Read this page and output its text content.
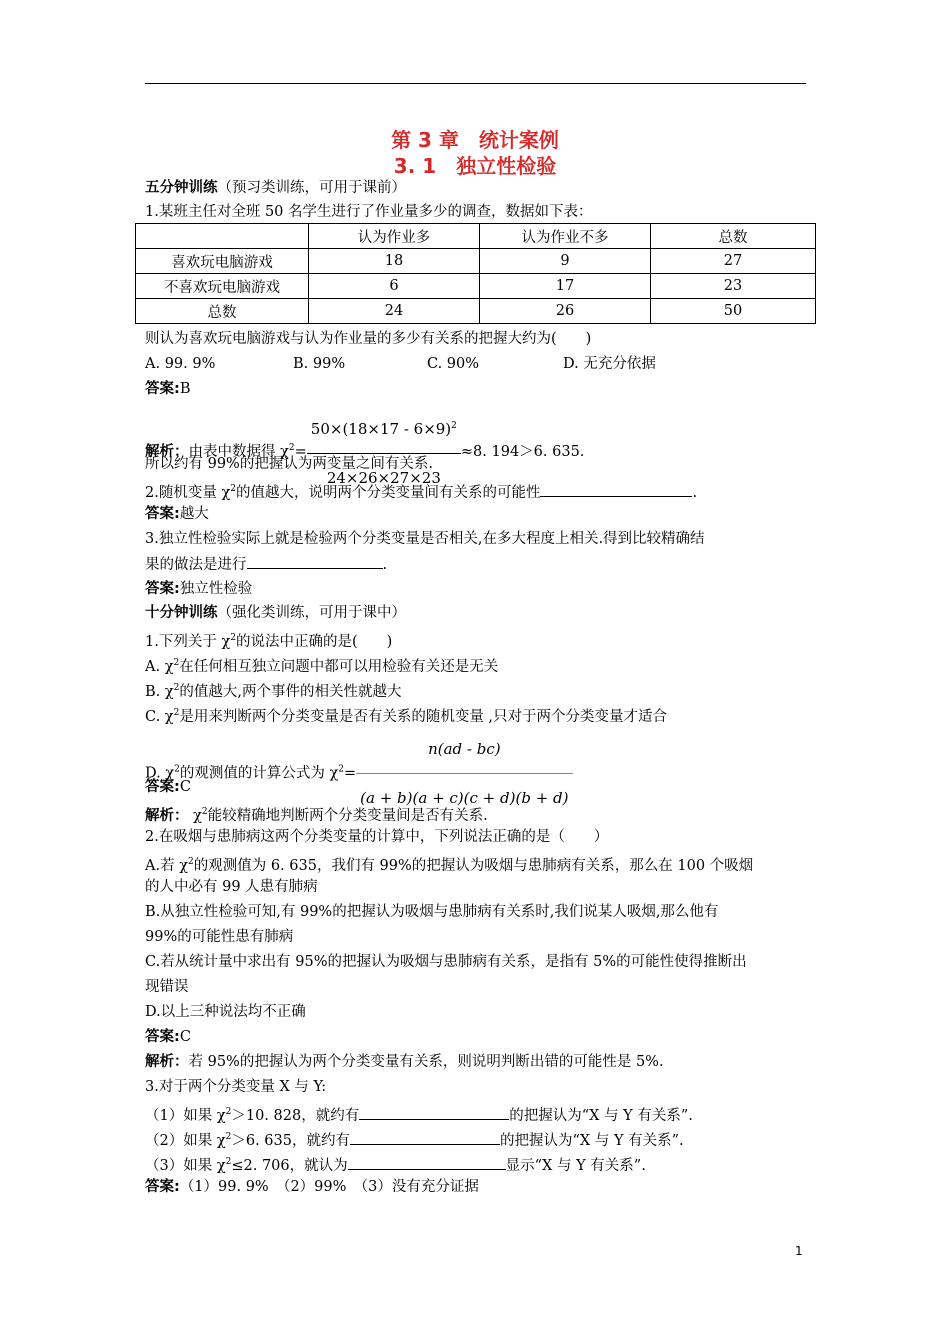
第 3 章　统计案例
3. 1　独立性检验
五分钟训练（预习类训练，可用于课前）
1.某班主任对全班 50 名学生进行了作业量多少的调查，数据如下表：
	认为作业多	认为作业不多	总数
喜欢玩电脑游戏	18	9	27
不喜欢玩电脑游戏	6	17	23
总数	24	26	50
则认为喜欢玩电脑游戏与认为作业量的多少有关系的把握大约为(　　)
A. 99. 9%	B. 99%	C. 90%	D. 无充分依据
答案:B
解析：由表中数据得 $\chi^2= \frac{50\times(18\times 17 - 6\times 9)^2}{24\times 26\times 27\times 23} \approx 8$. 194＞6. 635.
所以约有 99%的把握认为两变量之间有关系.
2.随机变量 $\chi^2$的值越大，说明两个分类变量间有关系的可能性	.
答案:越大
3.独立性检验实际上就是检验两个分类变量是否相关,在多大程度上相关.得到比较精确结
果的做法是进行	.
答案:独立性检验
十分钟训练（强化类训练，可用于课中）
1.下列关于 $\chi^2$的说法中正确的是(　　)
A. $\chi^2$在任何相互独立问题中都可以用检验有关还是无关
B. $\chi^2$的值越大,两个事件的相关性就越大
C. $\chi^2$是用来判断两个分类变量是否有关系的随机变量 ,只对于两个分类变量才适合
D. $\chi^2$的观测值的计算公式为 $\chi^2= \frac{n(ad - bc)}{(a + b)(a + c)(c + d)(b + d)}$
答案:C
解析： $\chi^2$能较精确地判断两个分类变量间是否有关系.
2.在吸烟与患肺病这两个分类变量的计算中，下列说法正确的是（　　）
A.若 $\chi^2$的观测值为 6. 635，我们有 99%的把握认为吸烟与患肺病有关系，那么在 100 个吸烟
的人中必有 99 人患有肺病
B.从独立性检验可知,有 99%的把握认为吸烟与患肺病有关系时,我们说某人吸烟,那么他有
99%的可能性患有肺病
C.若从统计量中求出有 95%的把握认为吸烟与患肺病有关系，是指有 5%的可能性使得推断出
现错误
D.以上三种说法均不正确
答案:C
解析：若 95%的把握认为两个分类变量有关系，则说明判断出错的可能性是 5%.
3.对于两个分类变量 X 与 Y:
（1）如果 $\chi^2>10$. 828，就约有	的把握认为“X 与 Y 有关系”.
（2）如果 $\chi^2>6$. 635，就约有	的把握认为“X 与 Y 有关系”.
（3）如果 $\chi^2\le 2$. 706，就认为	显示“X 与 Y 有关系”.
答案:（1）99. 9%　（2）99%　（3）没有充分证据
1
